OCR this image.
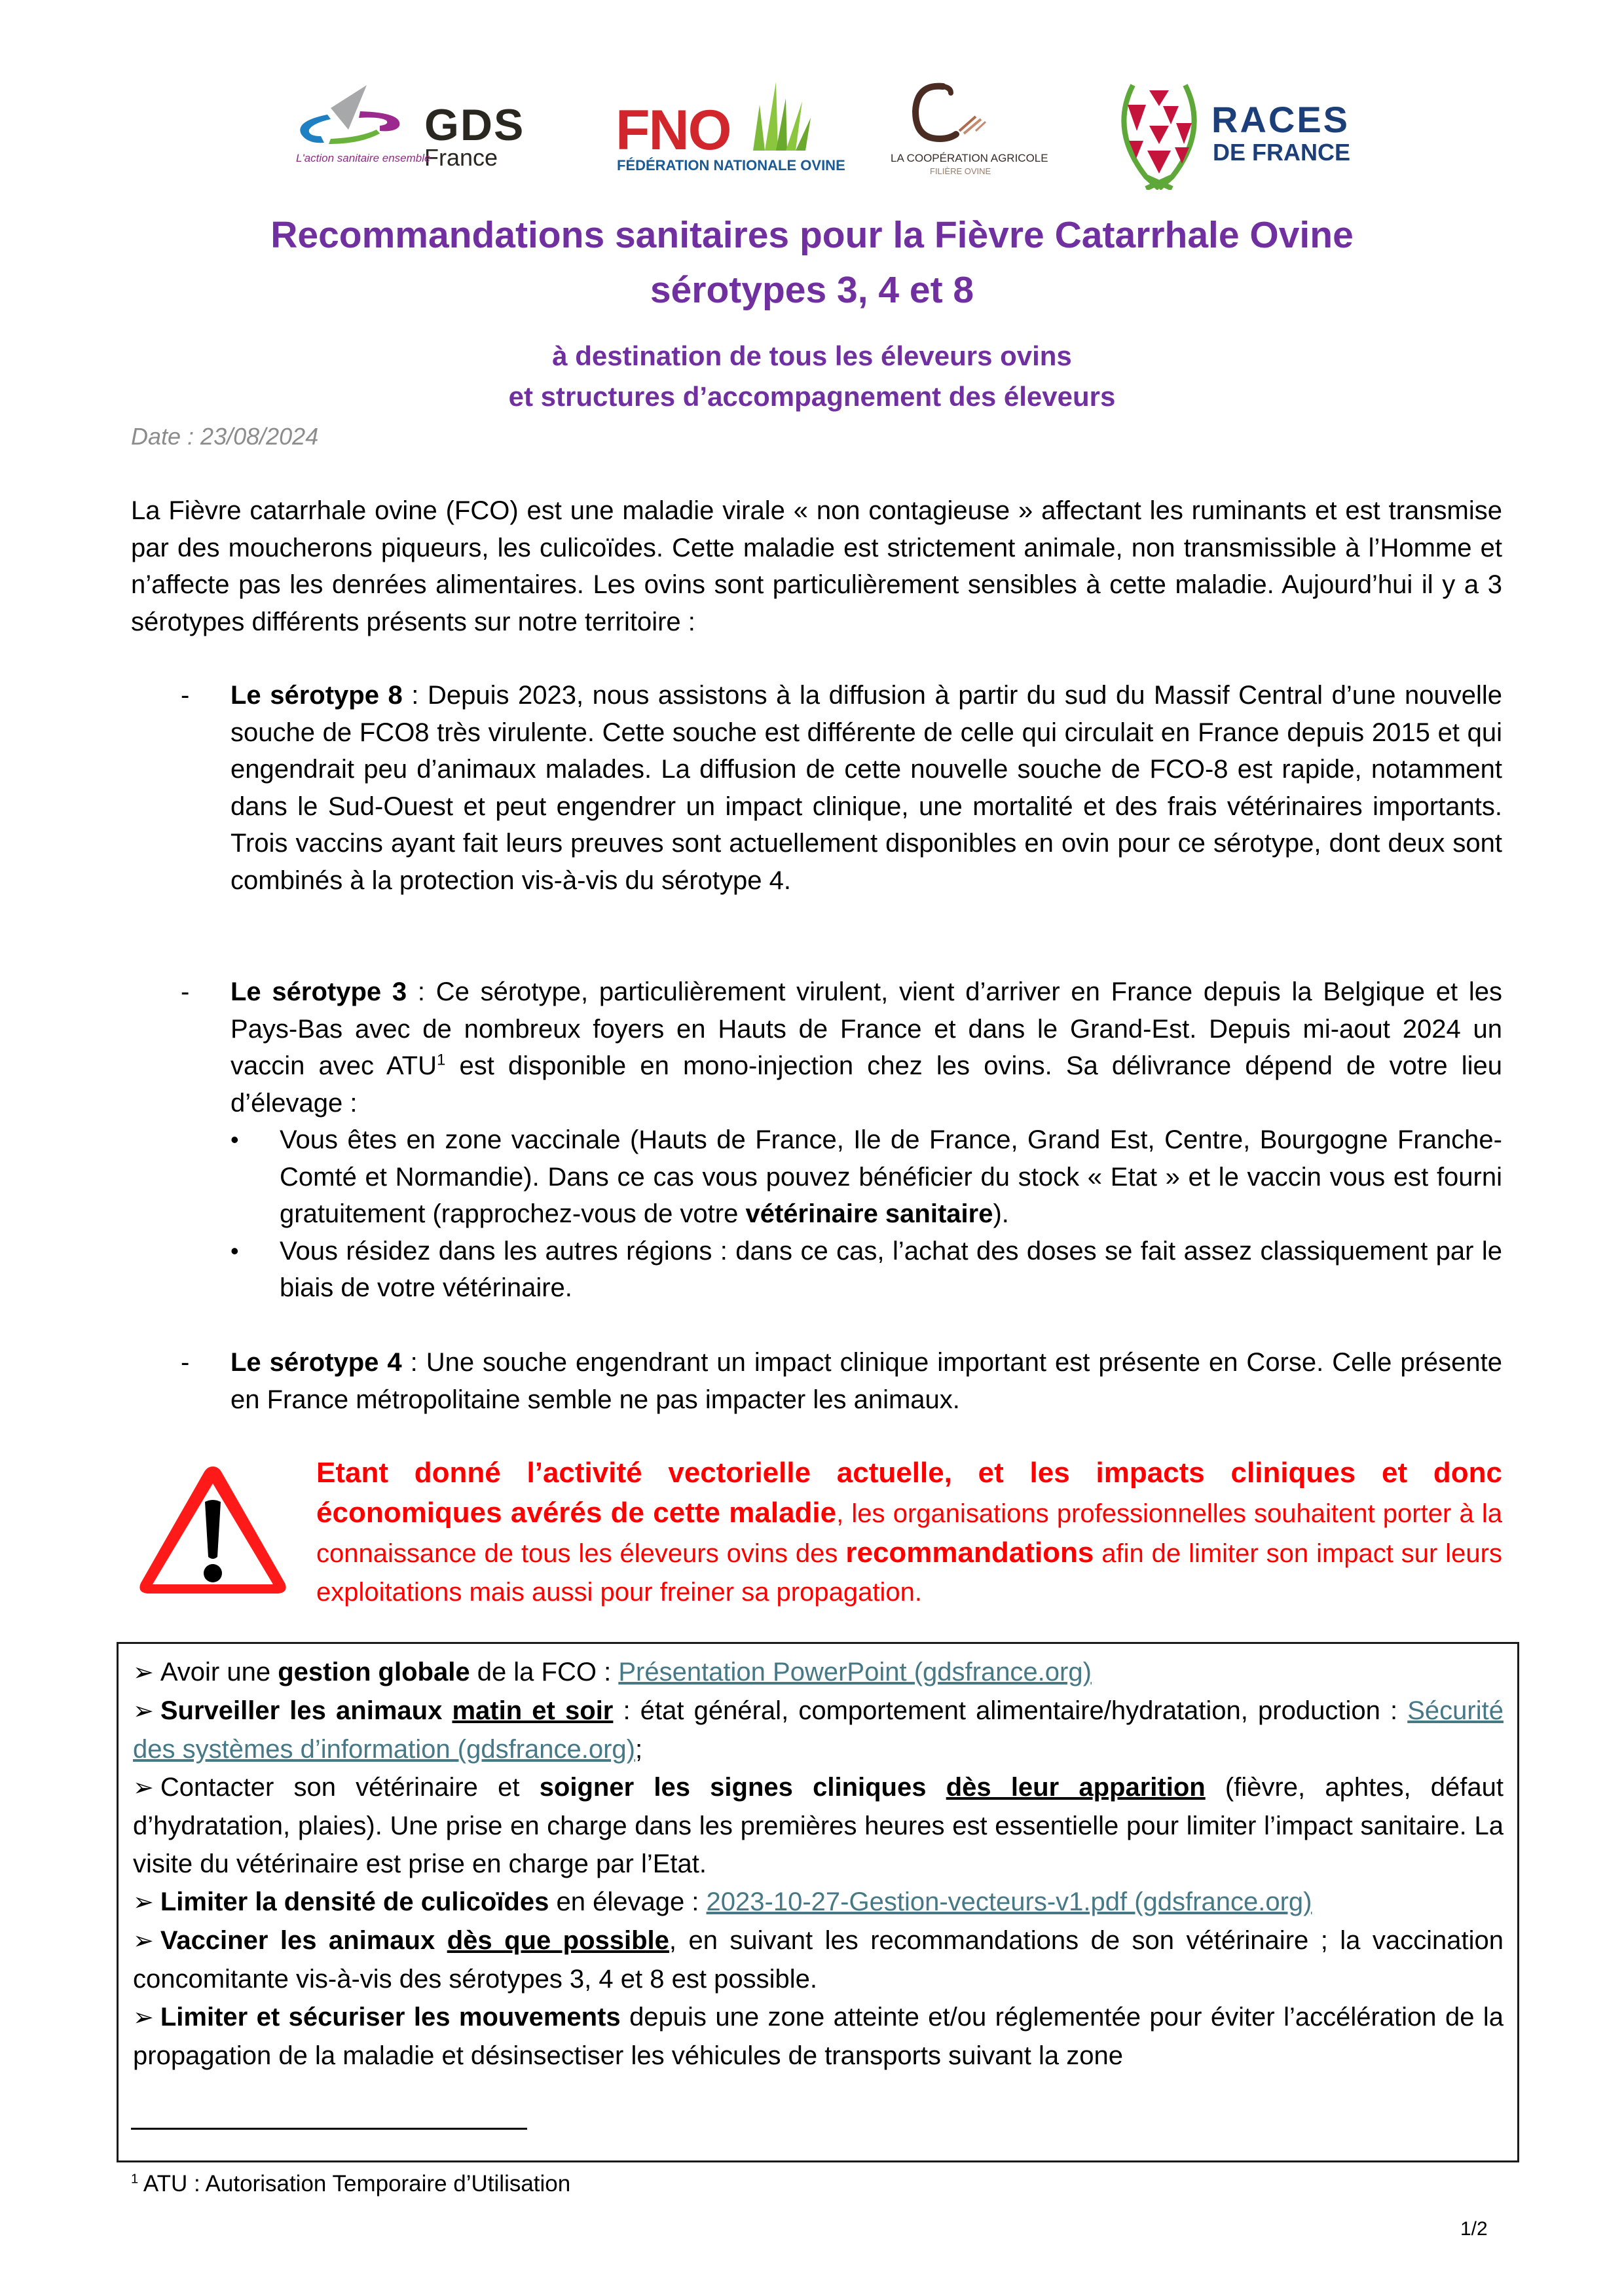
GDS
France
L'action sanitaire ensemble	FNO
FÉDÉRATION NATIONALE OVINE	LA COOPÉRATION AGRICOLE
FILIÈRE OVINE
RACES
DE FRANCE
Recommandations sanitaires pour la Fièvre Catarrhale Ovine
sérotypes 3, 4 et 8
à destination de tous les éleveurs ovins
et structures d’accompagnement des éleveurs
Date : 23/08/2024
La Fièvre catarrhale ovine (FCO) est une maladie virale « non contagieuse » affectant les ruminants et est transmise par des moucherons piqueurs, les culicoïdes. Cette maladie est strictement animale, non transmissible à l’Homme et n’affecte pas les denrées alimentaires. Les ovins sont particulièrement sensibles à cette maladie. Aujourd’hui il y a 3 sérotypes différents présents sur notre territoire :
- Le sérotype 8 : Depuis 2023, nous assistons à la diffusion à partir du sud du Massif Central d’une nouvelle souche de FCO8 très virulente. Cette souche est différente de celle qui circulait en France depuis 2015 et qui engendrait peu d’animaux malades. La diffusion de cette nouvelle souche de FCO-8 est rapide, notamment dans le Sud-Ouest et peut engendrer un impact clinique, une mortalité et des frais vétérinaires importants. Trois vaccins ayant fait leurs preuves sont actuellement disponibles en ovin pour ce sérotype, dont deux sont combinés à la protection vis-à-vis du sérotype 4.
- Le sérotype 3 : Ce sérotype, particulièrement virulent, vient d’arriver en France depuis la Belgique et les Pays-Bas avec de nombreux foyers en Hauts de France et dans le Grand-Est. Depuis mi-aout 2024 un vaccin avec ATU$^1$ est disponible en mono-injection chez les ovins. Sa délivrance dépend de votre lieu d’élevage :
• Vous êtes en zone vaccinale (Hauts de France, Ile de France, Grand Est, Centre, Bourgogne Franche-Comté et Normandie). Dans ce cas vous pouvez bénéficier du stock « Etat » et le vaccin vous est fourni gratuitement (rapprochez-vous de votre vétérinaire sanitaire).
• Vous résidez dans les autres régions : dans ce cas, l’achat des doses se fait assez classiquement par le biais de votre vétérinaire.
- Le sérotype 4 : Une souche engendrant un impact clinique important est présente en Corse. Celle présente en France métropolitaine semble ne pas impacter les animaux.
Etant donné l’activité vectorielle actuelle, et les impacts cliniques et donc économiques avérés de cette maladie, les organisations professionnelles souhaitent porter à la connaissance de tous les éleveurs ovins des recommandations afin de limiter son impact sur leurs exploitations mais aussi pour freiner sa propagation.
➢ Avoir une gestion globale de la FCO : Présentation PowerPoint (gdsfrance.org)
➢ Surveiller les animaux matin et soir : état général, comportement alimentaire/hydratation, production : Sécurité des systèmes d’information (gdsfrance.org);
➢ Contacter son vétérinaire et soigner les signes cliniques dès leur apparition (fièvre, aphtes, défaut d’hydratation, plaies). Une prise en charge dans les premières heures est essentielle pour limiter l’impact sanitaire. La visite du vétérinaire est prise en charge par l’Etat.
➢ Limiter la densité de culicoïdes en élevage : 2023-10-27-Gestion-vecteurs-v1.pdf (gdsfrance.org)
➢ Vacciner les animaux dès que possible, en suivant les recommandations de son vétérinaire ; la vaccination concomitante vis-à-vis des sérotypes 3, 4 et 8 est possible.
➢ Limiter et sécuriser les mouvements depuis une zone atteinte et/ou réglementée pour éviter l’accélération de la propagation de la maladie et désinsectiser les véhicules de transports suivant la zone
$^1$ ATU : Autorisation Temporaire d’Utilisation
1/2
